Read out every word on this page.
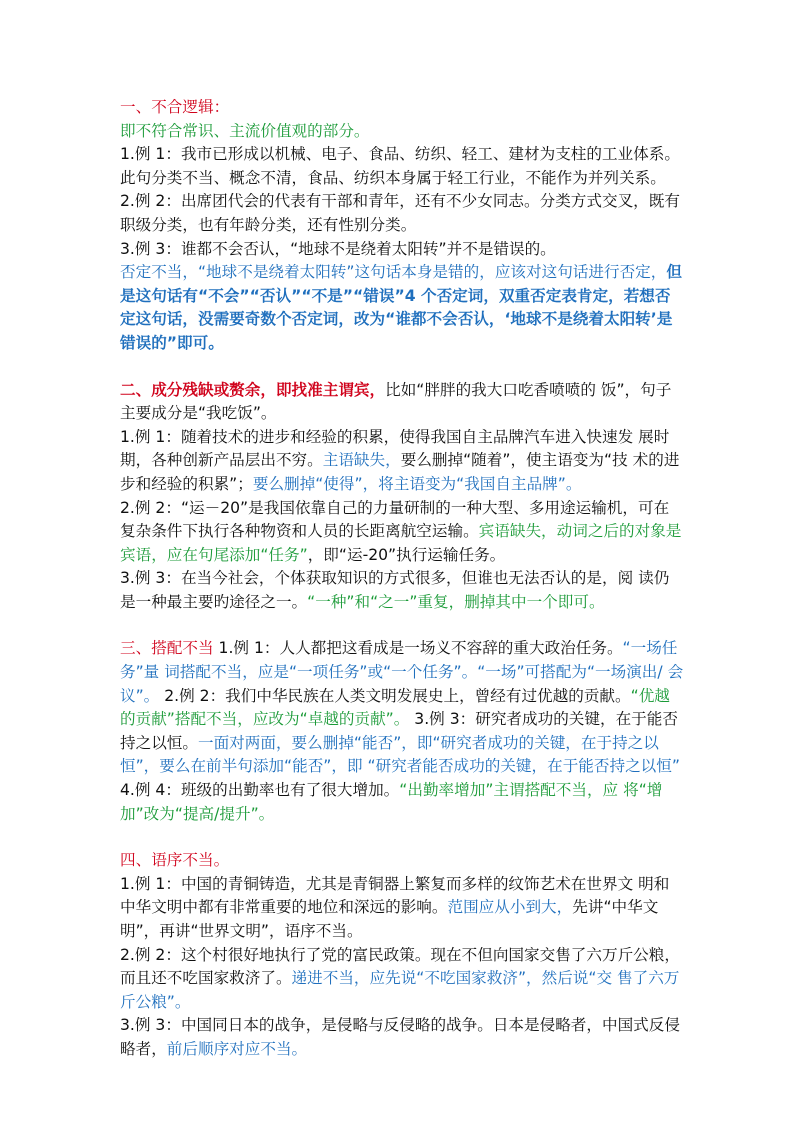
一、不合逻辑：

即不符合常识、主流价值观的部分。

1.例 1：我市已形成以机械、电子、食品、纺织、轻工、建材为支柱的工业体系。此句分类不当、概念不清，食品、纺织本身属于轻工行业，不能作为并列关系。

2.例 2：出席团代会的代表有干部和青年，还有不少女同志。分类方式交叉，既有职级分类，也有年龄分类，还有性别分类。

3.例 3：谁都不会否认，“地球不是绕着太阳转”并不是错误的。

否定不当，“地球不是绕着太阳转”这句话本身是错的，应该对这句话进行否定，但是这句话有“不会”“否认”“不是”“错误”4 个否定词，双重否定表肯定，若想否定这句话，没需要奇数个否定词，改为“谁都不会否认，‘地球不是绕着太阳转’是错误的”即可。

二、成分残缺或赘余，即找准主谓宾，比如“胖胖的我大口吃香喷喷的 饭”，句子主要成分是“我吃饭”。

1.例 1：随着技术的进步和经验的积累，使得我国自主品牌汽车进入快速发 展时期，各种创新产品层出不穷。主语缺失，要么删掉“随着”，使主语变为“技 术的进步和经验的积累”；要么删掉“使得”，将主语变为“我国自主品牌”。

2.例 2：“运－20”是我国依靠自己的力量研制的一种大型、多用途运输机，可在复杂条件下执行各种物资和人员的长距离航空运输。宾语缺失，动词之后的对象是宾语，应在句尾添加“任务”，即“运-20”执行运输任务。

3.例 3：在当今社会，个体获取知识的方式很多，但谁也无法否认的是，阅 读仍是一种最主要旳途径之一。“一种”和“之一”重复，删掉其中一个即可。

三、搭配不当 1.例 1：人人都把这看成是一场义不容辞的重大政治任务。“一场任务”量 词搭配不当，应是“一项任务”或“一个任务”。“一场”可搭配为“一场演出/ 会议”。 2.例 2：我们中华民族在人类文明发展史上，曾经有过优越的贡献。“优越 的贡献”搭配不当，应改为“卓越的贡献”。 3.例 3：研究者成功的关键，在于能否持之以恒。一面对两面，要么删掉“能否”，即“研究者成功的关键，在于持之以恒”，要么在前半句添加“能否”，即 “研究者能否成功的关键，在于能否持之以恒” 4.例 4：班级的出勤率也有了很大增加。“出勤率增加”主谓搭配不当，应 将“增加”改为“提高/提升”。

四、语序不当。

1.例 1：中国的青铜铸造，尤其是青铜器上繁复而多样的纹饰艺术在世界文 明和中华文明中都有非常重要的地位和深远的影响。范围应从小到大，先讲“中华文明”，再讲“世界文明”，语序不当。

2.例 2：这个村很好地执行了党的富民政策。现在不但向国家交售了六万斤公粮，而且还不吃国家救济了。递进不当，应先说“不吃国家救济”，然后说“交 售了六万斤公粮”。

3.例 3：中国同日本的战争，是侵略与反侵略的战争。日本是侵略者，中国式反侵略者，前后顺序对应不当。
